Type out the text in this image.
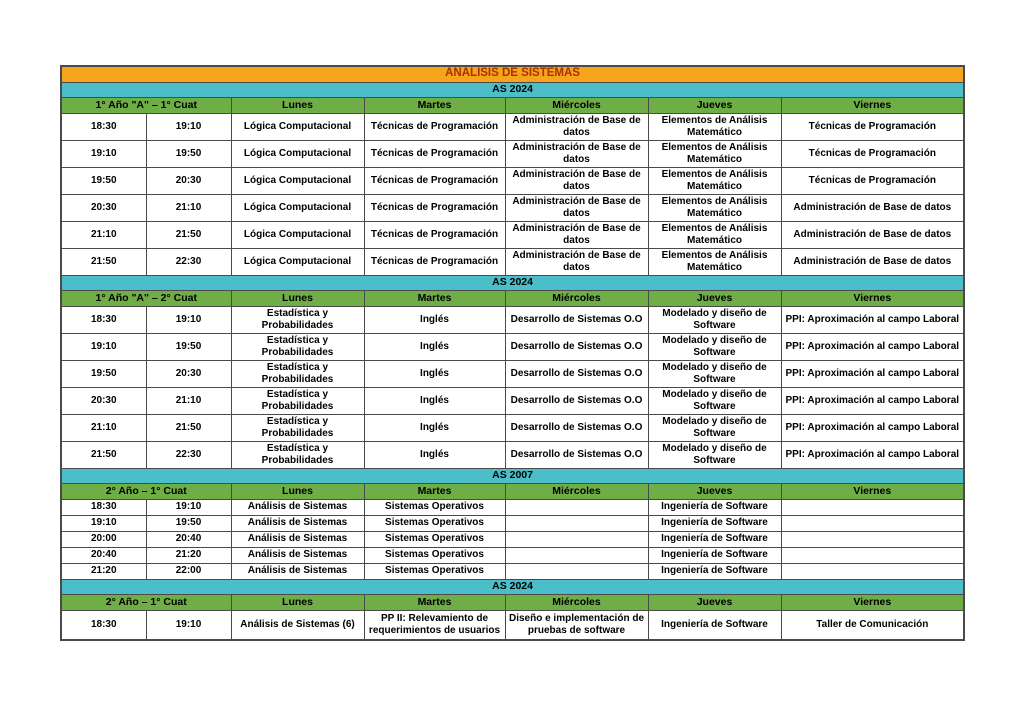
ANÁLISIS DE SISTEMAS						
AS 2024						
1° Año "A" – 1° Cuat		Lunes	Martes	Miércoles	Jueves	Viernes
18:30	19:10	Lógica Computacional	Técnicas de Programación	Administración de Base de datos	Elementos de Análisis Matemático	Técnicas de Programación
19:10	19:50	Lógica Computacional	Técnicas de Programación	Administración de Base de datos	Elementos de Análisis Matemático	Técnicas de Programación
19:50	20:30	Lógica Computacional	Técnicas de Programación	Administración de Base de datos	Elementos de Análisis Matemático	Técnicas de Programación
20:30	21:10	Lógica Computacional	Técnicas de Programación	Administración de Base de datos	Elementos de Análisis Matemático	Administración de Base de datos
21:10	21:50	Lógica Computacional	Técnicas de Programación	Administración de Base de datos	Elementos de Análisis Matemático	Administración de Base de datos
21:50	22:30	Lógica Computacional	Técnicas de Programación	Administración de Base de datos	Elementos de Análisis Matemático	Administración de Base de datos
AS 2024						
1° Año "A" – 2° Cuat		Lunes	Martes	Miércoles	Jueves	Viernes
18:30	19:10	Estadística y Probabilidades	Inglés	Desarrollo de Sistemas O.O	Modelado y diseño de Software	PPI: Aproximación al campo Laboral
19:10	19:50	Estadística y Probabilidades	Inglés	Desarrollo de Sistemas O.O	Modelado y diseño de Software	PPI: Aproximación al campo Laboral
19:50	20:30	Estadística y Probabilidades	Inglés	Desarrollo de Sistemas O.O	Modelado y diseño de Software	PPI: Aproximación al campo Laboral
20:30	21:10	Estadística y Probabilidades	Inglés	Desarrollo de Sistemas O.O	Modelado y diseño de Software	PPI: Aproximación al campo Laboral
21:10	21:50	Estadística y Probabilidades	Inglés	Desarrollo de Sistemas O.O	Modelado y diseño de Software	PPI: Aproximación al campo Laboral
21:50	22:30	Estadística y Probabilidades	Inglés	Desarrollo de Sistemas O.O	Modelado y diseño de Software	PPI: Aproximación al campo Laboral
AS 2007						
2° Año – 1° Cuat		Lunes	Martes	Miércoles	Jueves	Viernes
18:30	19:10	Análisis de Sistemas	Sistemas Operativos		Ingeniería de Software	
19:10	19:50	Análisis de Sistemas	Sistemas Operativos		Ingeniería de Software	
20:00	20:40	Análisis de Sistemas	Sistemas Operativos		Ingeniería de Software	
20:40	21:20	Análisis de Sistemas	Sistemas Operativos		Ingeniería de Software	
21:20	22:00	Análisis de Sistemas	Sistemas Operativos		Ingeniería de Software	
AS 2024						
2° Año – 1° Cuat		Lunes	Martes	Miércoles	Jueves	Viernes
18:30	19:10	Análisis de Sistemas (6)	PP II: Relevamiento de requerimientos de usuarios	Diseño e implementación de pruebas de software	Ingeniería de Software	Taller de Comunicación
